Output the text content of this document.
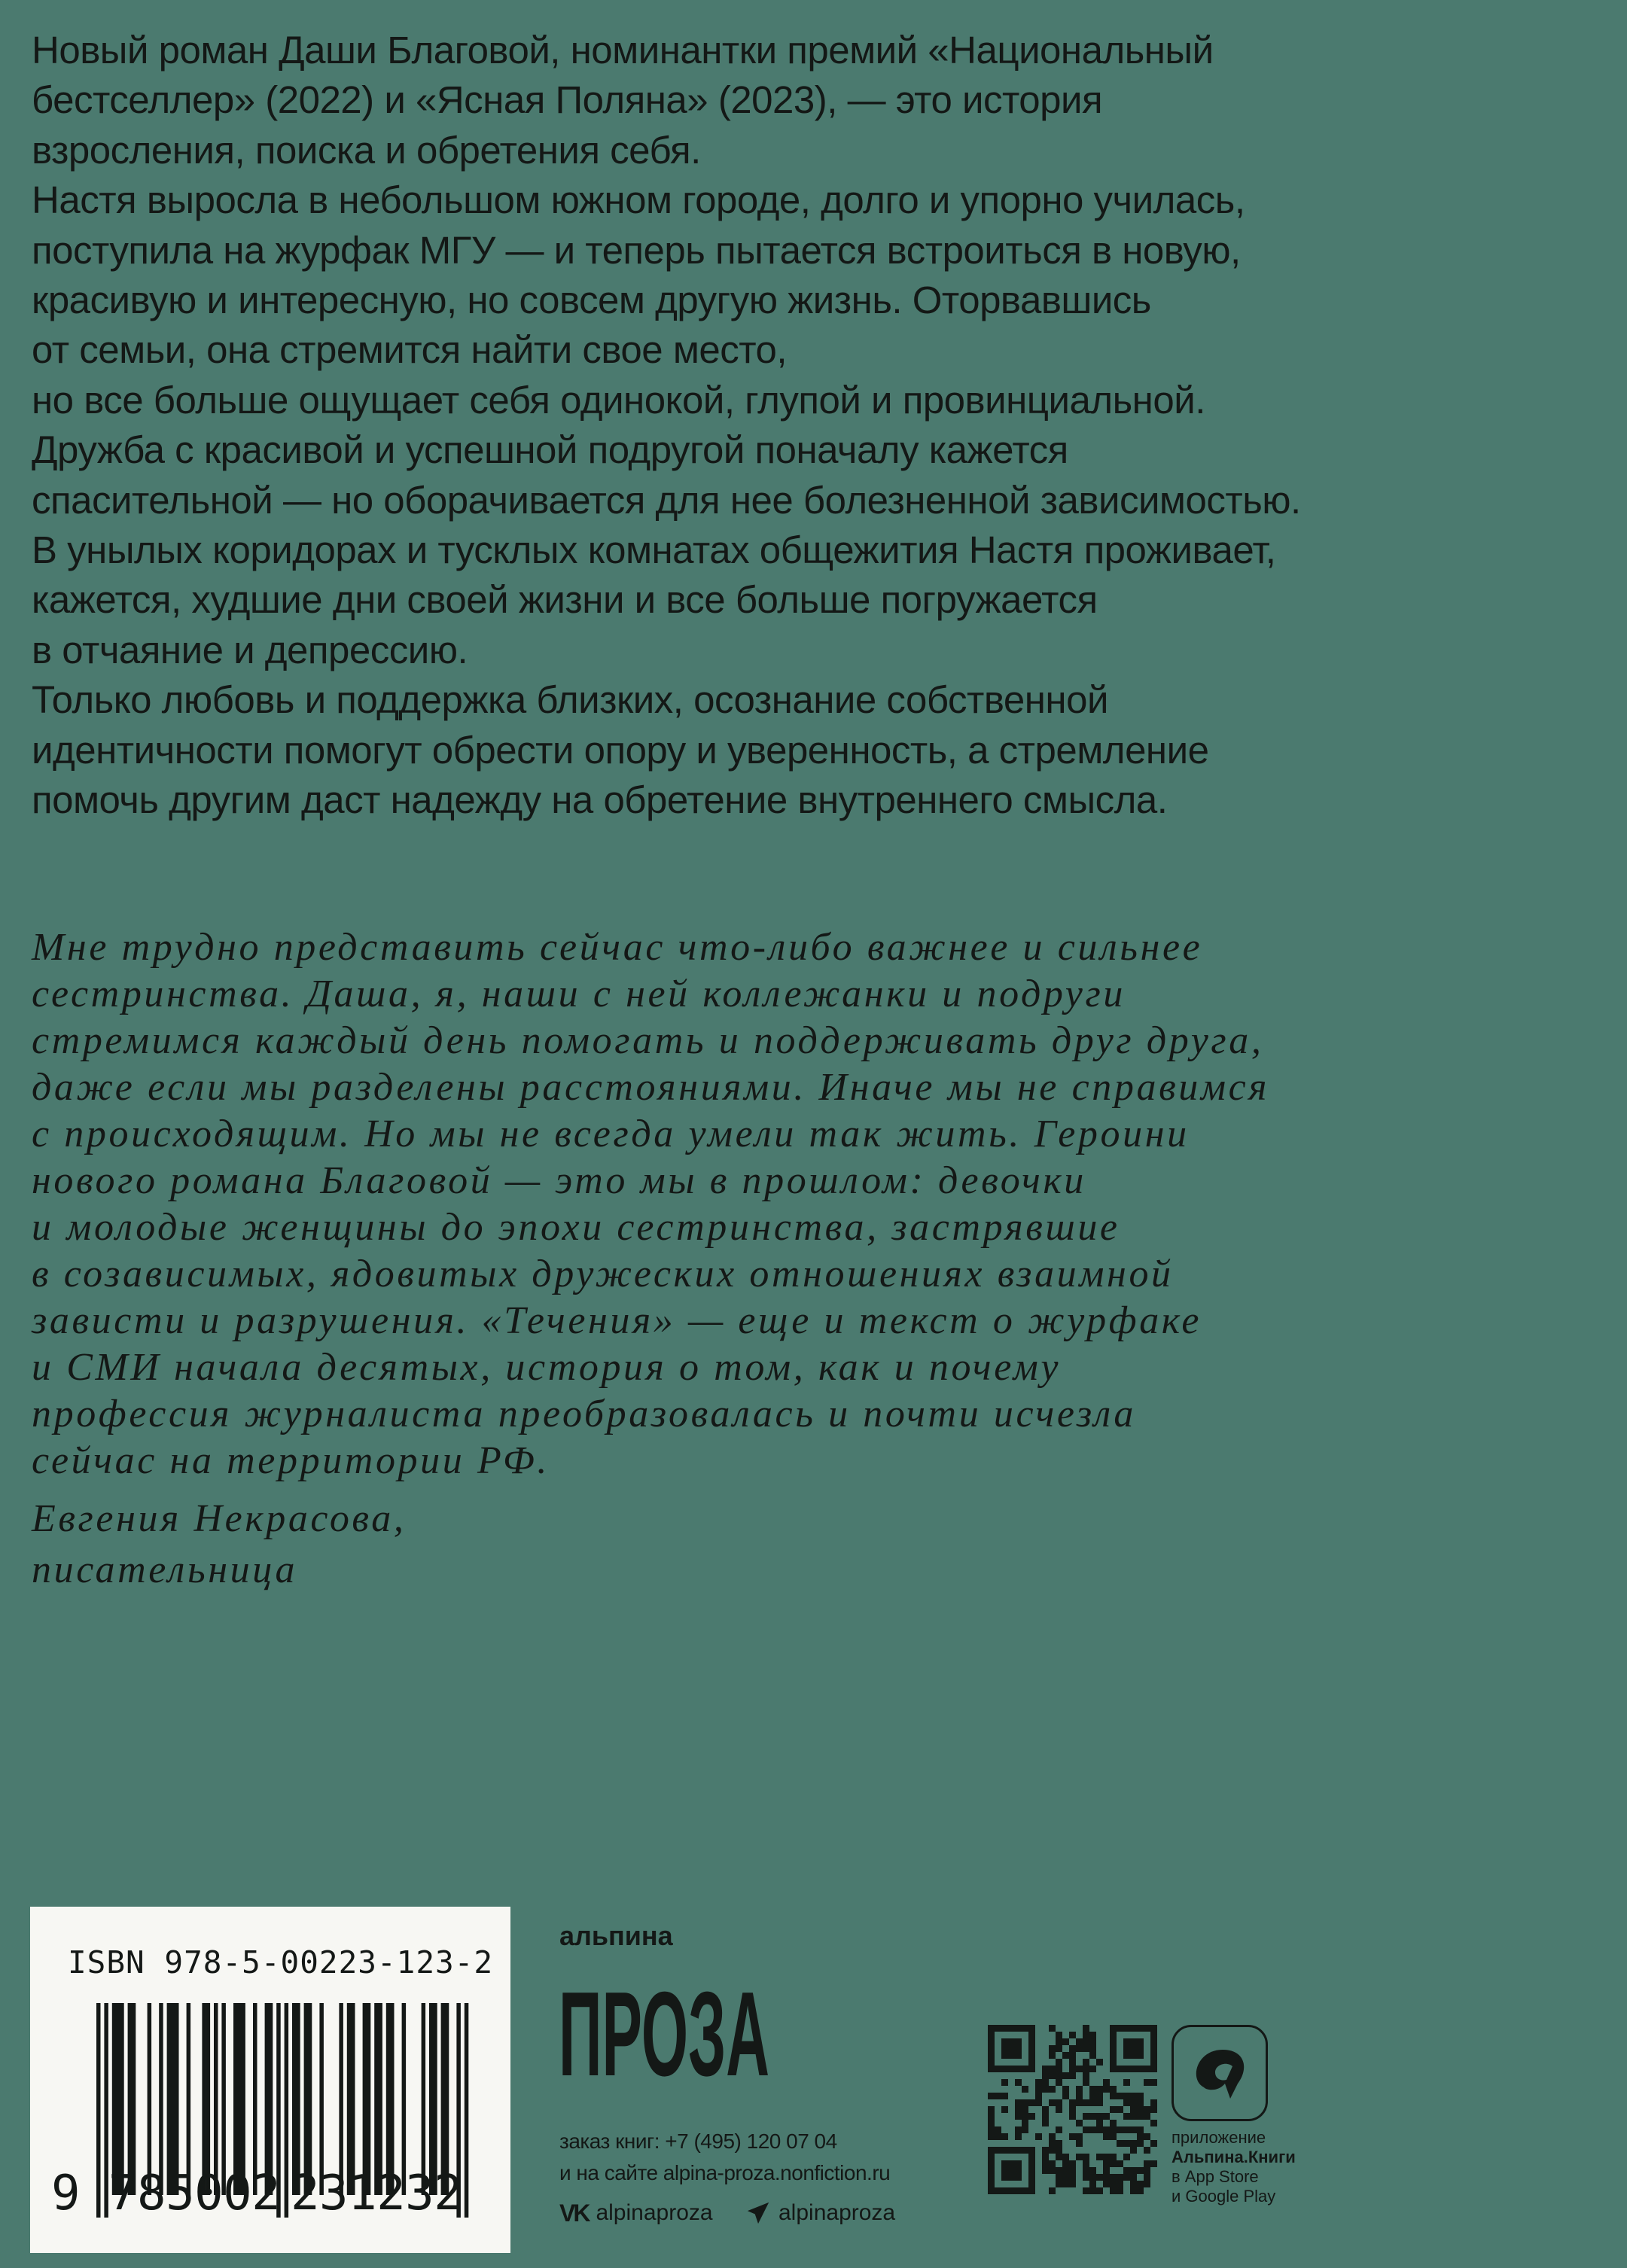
Новый роман Даши Благовой, номинантки премий «Национальный
бестселлер» (2022) и «Ясная Поляна» (2023), — это история
взросления, поиска и обретения себя.
Настя выросла в небольшом южном городе, долго и упорно училась,
поступила на журфак МГУ — и теперь пытается встроиться в новую,
красивую и интересную, но совсем другую жизнь. Оторвавшись
от семьи, она стремится найти свое место,
но все больше ощущает себя одинокой, глупой и провинциальной.
Дружба с красивой и успешной подругой поначалу кажется
спасительной — но оборачивается для нее болезненной зависимостью.
В унылых коридорах и тусклых комнатах общежития Настя проживает,
кажется, худшие дни своей жизни и все больше погружается
в отчаяние и депрессию.
Только любовь и поддержка близких, осознание собственной
идентичности помогут обрести опору и уверенность, а стремление
помочь другим даст надежду на обретение внутреннего смысла.
Мне трудно представить сейчас что-либо важнее и сильнее
сестринства. Даша, я, наши с ней коллежанки и подруги
стремимся каждый день помогать и поддерживать друг друга,
даже если мы разделены расстояниями. Иначе мы не справимся
с происходящим. Но мы не всегда умели так жить. Героини
нового романа Благовой — это мы в прошлом: девочки
и молодые женщины до эпохи сестринства, застрявшие
в созависимых, ядовитых дружеских отношениях взаимной
зависти и разрушения. «Течения» — еще и текст о журфаке
и СМИ начала десятых, история о том, как и почему
профессия журналиста преобразовалась и почти исчезла
сейчас на территории РФ.
Евгения Некрасова,
писательница
ISBN 978-5-00223-123-2
9 785002 231232
альпина
ПРОЗА
заказ книг: +7 (495) 120 07 04
и на сайте alpina-proza.nonfiction.ru
VK alpinaproza	alpinaproza
приложение
Альпина.Книги
в App Store
и Google Play
